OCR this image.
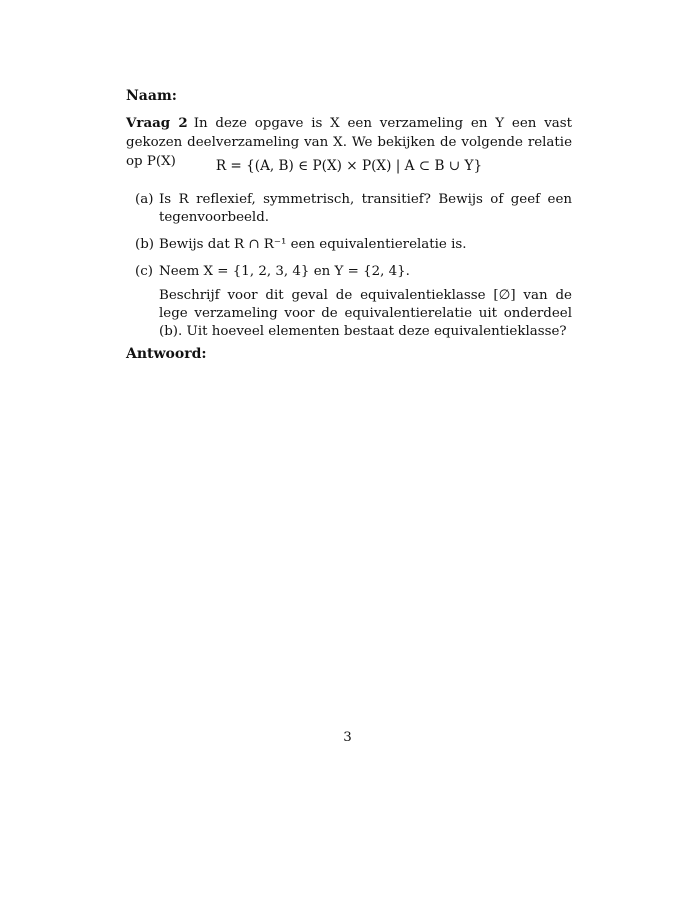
Naam:
Vraag 2 In deze opgave is X een verzameling en Y een vast gekozen deelverzameling van X. We bekijken de volgende relatie op P(X)	R = {(A, B) ∈ P(X) × P(X) | A ⊂ B ∪ Y}
(a) Is R reflexief, symmetrisch, transitief? Bewijs of geef een tegenvoorbeeld.
(b) Bewijs dat R ∩ R⁻¹ een equivalentierelatie is.
(c) Neem X = {1, 2, 3, 4} en Y = {2, 4}.
Beschrijf voor dit geval de equivalentieklasse [∅] van de lege verzameling voor de equivalentierelatie uit onderdeel (b). Uit hoeveel elementen bestaat deze equivalentieklasse?
Antwoord:
3
